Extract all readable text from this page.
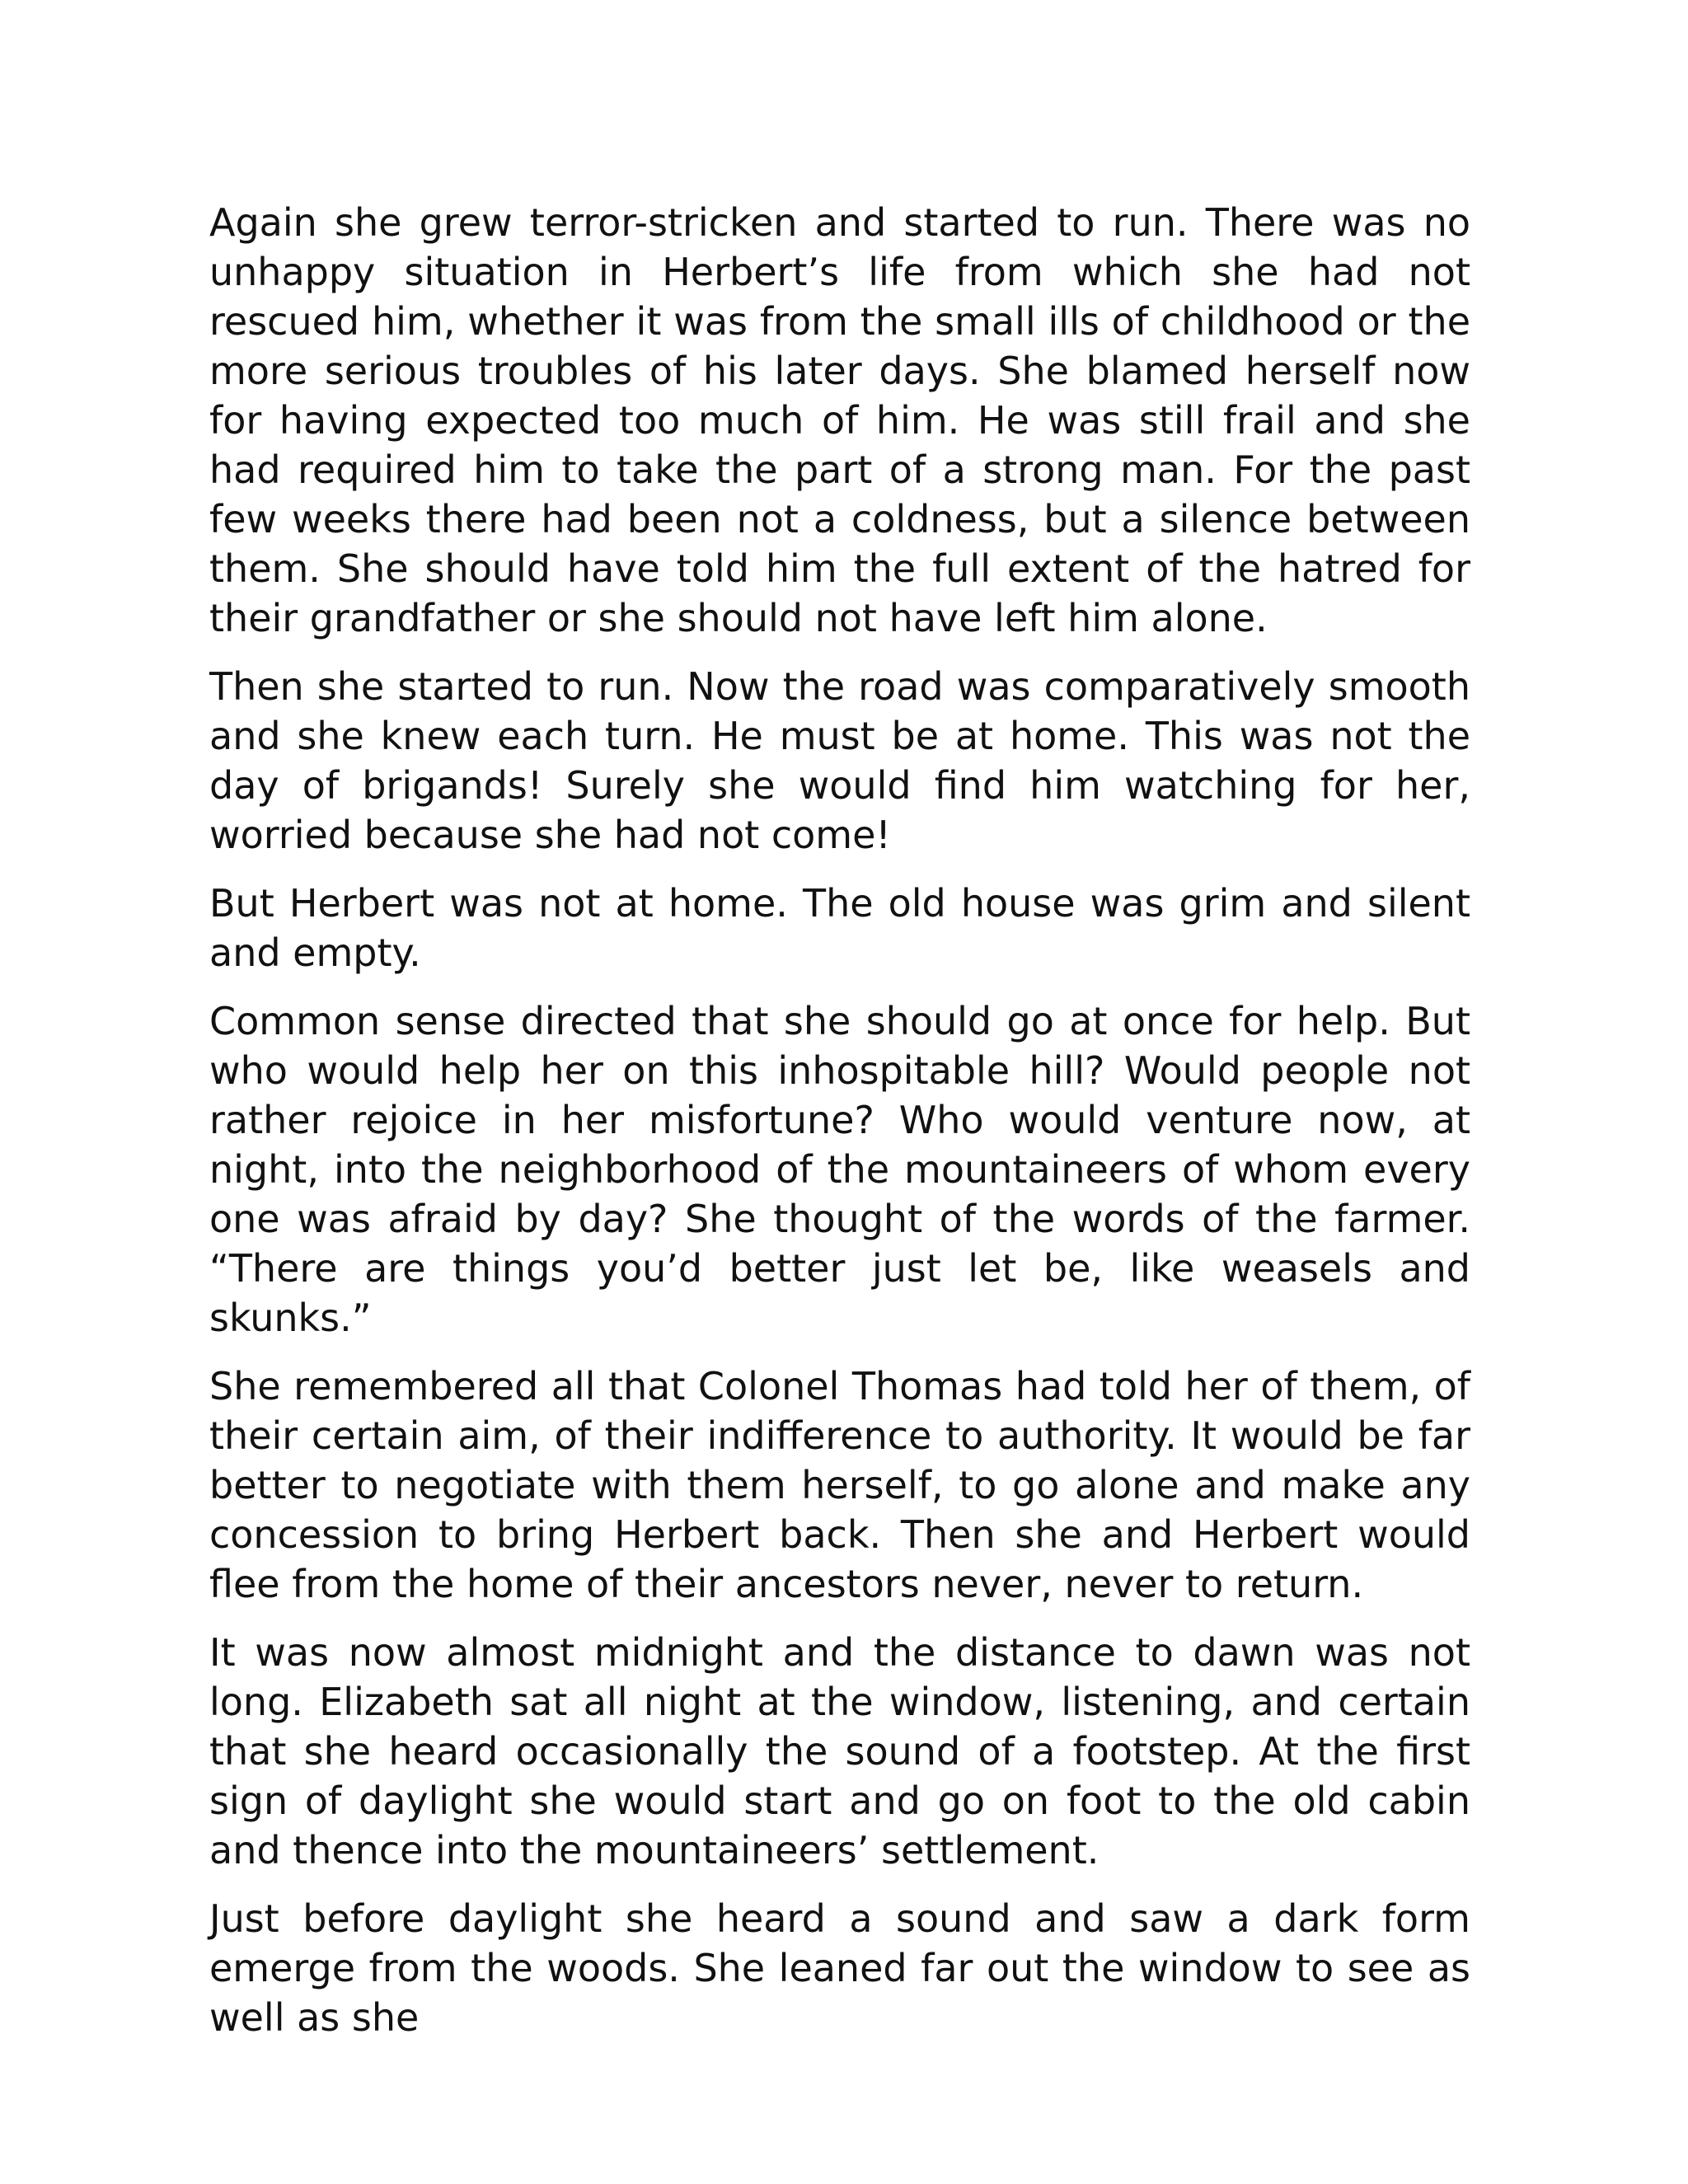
Again she grew terror-stricken and started to run. There was no unhappy situation in Herbert’s life from which she had not rescued him, whether it was from the small ills of childhood or the more serious troubles of his later days. She blamed herself now for having expected too much of him. He was still frail and she had required him to take the part of a strong man. For the past few weeks there had been not a coldness, but a silence between them. She should have told him the full extent of the hatred for their grandfather or she should not have left him alone.

Then she started to run. Now the road was comparatively smooth and she knew each turn. He must be at home. This was not the day of brigands! Surely she would find him watching for her, worried because she had not come!

But Herbert was not at home. The old house was grim and silent and empty.

Common sense directed that she should go at once for help. But who would help her on this inhospitable hill? Would people not rather rejoice in her misfortune? Who would venture now, at night, into the neighborhood of the mountaineers of whom every one was afraid by day? She thought of the words of the farmer. “There are things you’d better just let be, like weasels and skunks.”

She remembered all that Colonel Thomas had told her of them, of their certain aim, of their indifference to authority. It would be far better to negotiate with them herself, to go alone and make any concession to bring Herbert back. Then she and Herbert would flee from the home of their ancestors never, never to return.

It was now almost midnight and the distance to dawn was not long. Elizabeth sat all night at the window, listening, and certain that she heard occasionally the sound of a footstep. At the first sign of daylight she would start and go on foot to the old cabin and thence into the mountaineers’ settlement.

Just before daylight she heard a sound and saw a dark form emerge from the woods. She leaned far out the window to see as well as she
